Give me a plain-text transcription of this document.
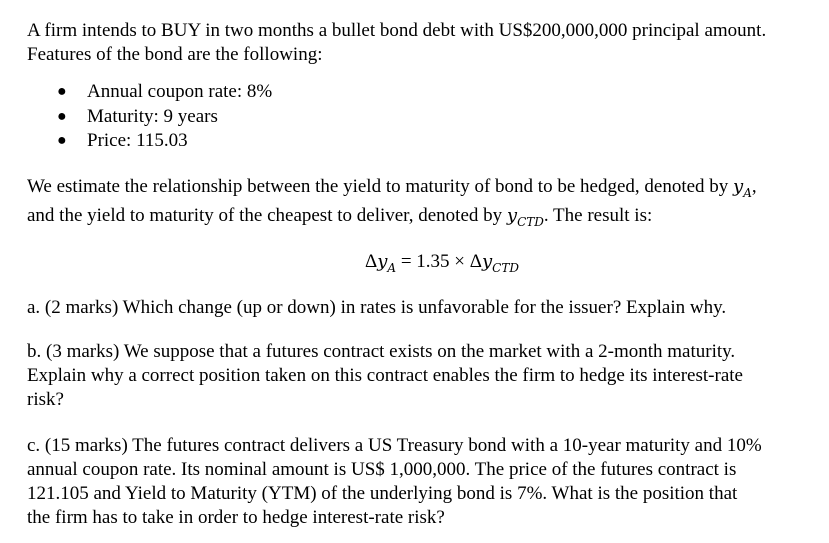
A firm intends to BUY in two months a bullet bond debt with US$200,000,000 principal amount.
Features of the bond are the following:

● Annual coupon rate: 8%
● Maturity: 9 years
● Price: 115.03

We estimate the relationship between the yield to maturity of bond to be hedged, denoted by $y_A$,
and the yield to maturity of the cheapest to deliver, denoted by $y_{CTD}$. The result is:

$\Delta y_A = 1.35 \times \Delta y_{CTD}$

a. (2 marks) Which change (up or down) in rates is unfavorable for the issuer? Explain why.

b. (3 marks) We suppose that a futures contract exists on the market with a 2-month maturity.
Explain why a correct position taken on this contract enables the firm to hedge its interest-rate
risk?

c. (15 marks) The futures contract delivers a US Treasury bond with a 10-year maturity and 10%
annual coupon rate. Its nominal amount is US$ 1,000,000. The price of the futures contract is
121.105 and Yield to Maturity (YTM) of the underlying bond is 7%. What is the position that
the firm has to take in order to hedge interest-rate risk?
